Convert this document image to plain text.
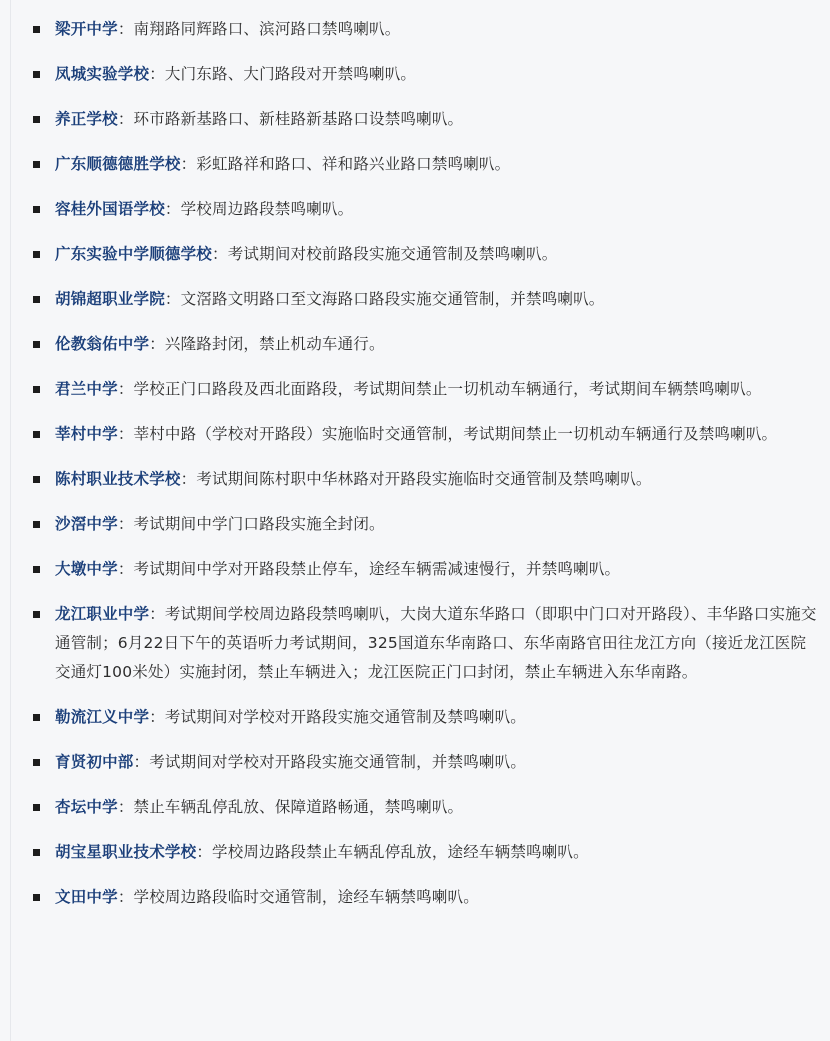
梁开中学：南翔路同辉路口、滨河路口禁鸣喇叭。
凤城实验学校：大门东路、大门路段对开禁鸣喇叭。
养正学校：环市路新基路口、新桂路新基路口设禁鸣喇叭。
广东顺德德胜学校：彩虹路祥和路口、祥和路兴业路口禁鸣喇叭。
容桂外国语学校：学校周边路段禁鸣喇叭。
广东实验中学顺德学校：考试期间对校前路段实施交通管制及禁鸣喇叭。
胡锦超职业学院：文滘路文明路口至文海路口路段实施交通管制，并禁鸣喇叭。
伦教翁佑中学：兴隆路封闭，禁止机动车通行。
君兰中学：学校正门口路段及西北面路段，考试期间禁止一切机动车辆通行，考试期间车辆禁鸣喇叭。
莘村中学：莘村中路（学校对开路段）实施临时交通管制，考试期间禁止一切机动车辆通行及禁鸣喇叭。
陈村职业技术学校：考试期间陈村职中华林路对开路段实施临时交通管制及禁鸣喇叭。
沙滘中学：考试期间中学门口路段实施全封闭。
大墩中学：考试期间中学对开路段禁止停车，途经车辆需减速慢行，并禁鸣喇叭。
龙江职业中学：考试期间学校周边路段禁鸣喇叭，大岗大道东华路口（即职中门口对开路段）、丰华路口实施交通管制；6月22日下午的英语听力考试期间，325国道东华南路口、东华南路官田往龙江方向（接近龙江医院交通灯100米处）实施封闭，禁止车辆进入；龙江医院正门口封闭，禁止车辆进入东华南路。
勒流江义中学：考试期间对学校对开路段实施交通管制及禁鸣喇叭。
育贤初中部：考试期间对学校对开路段实施交通管制，并禁鸣喇叭。
杏坛中学：禁止车辆乱停乱放、保障道路畅通，禁鸣喇叭。
胡宝星职业技术学校：学校周边路段禁止车辆乱停乱放，途经车辆禁鸣喇叭。
文田中学：学校周边路段临时交通管制，途经车辆禁鸣喇叭。
